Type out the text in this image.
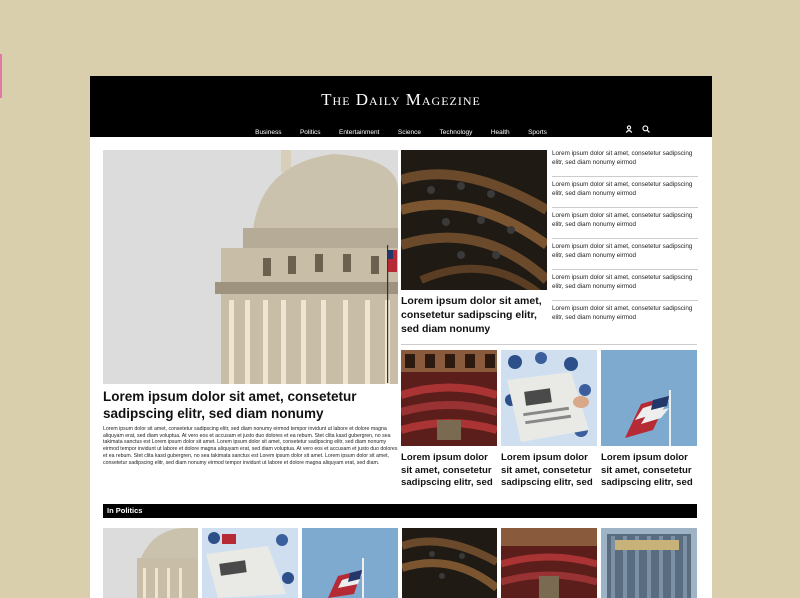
The Daily Magezine
Business	Politics	Entertainment	Science	Technology	Health	Sports

Lorem ipsum dolor sit amet, consetetur sadipscing elitr, sed diam nonumy
Lorem ipsum dolor sit amet, consetetur sadipscing elitr, sed diam nonumy eirmod
Lorem ipsum dolor sit amet, consetetur sadipscing elitr, sed diam nonumy eirmod
Lorem ipsum dolor sit amet, consetetur sadipscing elitr, sed diam nonumy eirmod
Lorem ipsum dolor sit amet, consetetur sadipscing elitr, sed diam nonumy eirmod
Lorem ipsum dolor sit amet, consetetur sadipscing elitr, sed diam nonumy eirmod
Lorem ipsum dolor sit amet, consetetur sadipscing elitr, sed diam nonumy eirmod
Lorem ipsum dolor sit amet, consetetur sadipscing elitr, sed diam nonumy
Lorem ipsum dolor sit amet, consetetur sadipscing elitr, sed diam nonumy eirmod tempor invidunt ut labore et dolore magna aliquyam erat, sed diam voluptua. At vero eos et accusam et justo duo dolores et ea rebum. Stet clita kasd gubergren, no sea takimata sanctus est Lorem ipsum dolor sit amet. Lorem ipsum dolor sit amet, consetetur sadipscing elitr, sed diam nonumy eirmod tempor invidunt ut labore et dolore magna aliquyam erat, sed diam voluptua. At vero eos et accusam et justo duo dolores et ea rebum. Stet clita kasd gubergren, no sea takimata sanctus est Lorem ipsum dolor sit amet. Lorem ipsum dolor sit amet, consetetur sadipscing elitr, sed diam nonumy eirmod tempor invidunt ut labore et dolore magna aliquyam erat, sed diam.	Lorem ipsum dolor sit amet, consetetur sadipscing elitr, sed
Lorem ipsum dolor sit amet, consetetur sadipscing elitr, sed
Lorem ipsum dolor sit amet, consetetur sadipscing elitr, sed
In Politics
